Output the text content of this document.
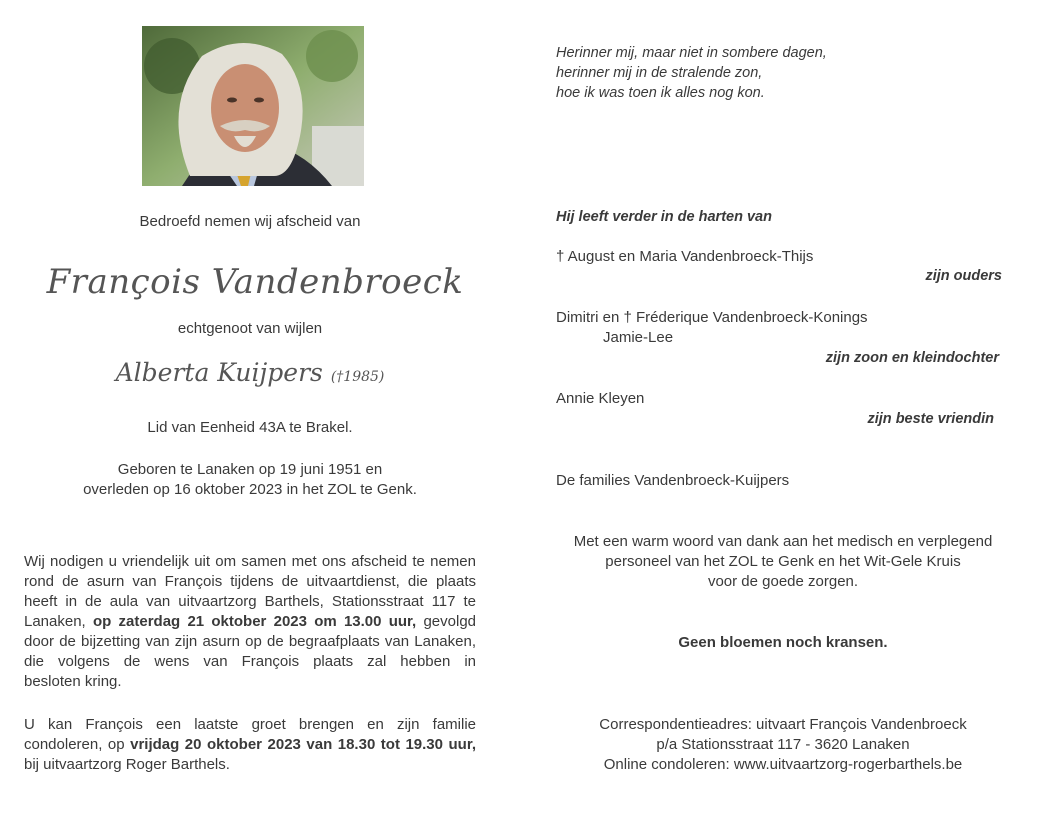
Bedroefd nemen wij afscheid van
François Vandenbroeck
echtgenoot van wijlen
Alberta Kuijpers (†1985)
Lid van Eenheid 43A te Brakel.
Geboren te Lanaken op 19 juni 1951 en
overleden op 16 oktober 2023 in het ZOL te Genk.
Wij nodigen u vriendelijk uit om samen met ons afscheid te nemen
rond de asurn van François tijdens de uitvaartdienst, die plaats
heeft in de aula van uitvaartzorg Barthels, Stationsstraat 117 te
Lanaken, op zaterdag 21 oktober 2023 om 13.00 uur, gevolgd
door de bijzetting van zijn asurn op de begraafplaats van Lanaken,
die volgens de wens van François plaats zal hebben in
besloten kring.
U kan François een laatste groet brengen en zijn familie
condoleren, op vrijdag 20 oktober 2023 van 18.30 tot 19.30 uur,
bij uitvaartzorg Roger Barthels.
Herinner mij, maar niet in sombere dagen,
herinner mij in de stralende zon,
hoe ik was toen ik alles nog kon.
Hij leeft verder in de harten van
† August en Maria Vandenbroeck-Thijs
zijn ouders
Dimitri en † Fréderique Vandenbroeck-Konings
Jamie-Lee
zijn zoon en kleindochter
Annie Kleyen
zijn beste vriendin
De families Vandenbroeck-Kuijpers
Met een warm woord van dank aan het medisch en verplegend
personeel van het ZOL te Genk en het Wit-Gele Kruis
voor de goede zorgen.
Geen bloemen noch kransen.
Correspondentieadres: uitvaart François Vandenbroeck
p/a Stationsstraat 117 - 3620 Lanaken
Online condoleren: www.uitvaartzorg-rogerbarthels.be
